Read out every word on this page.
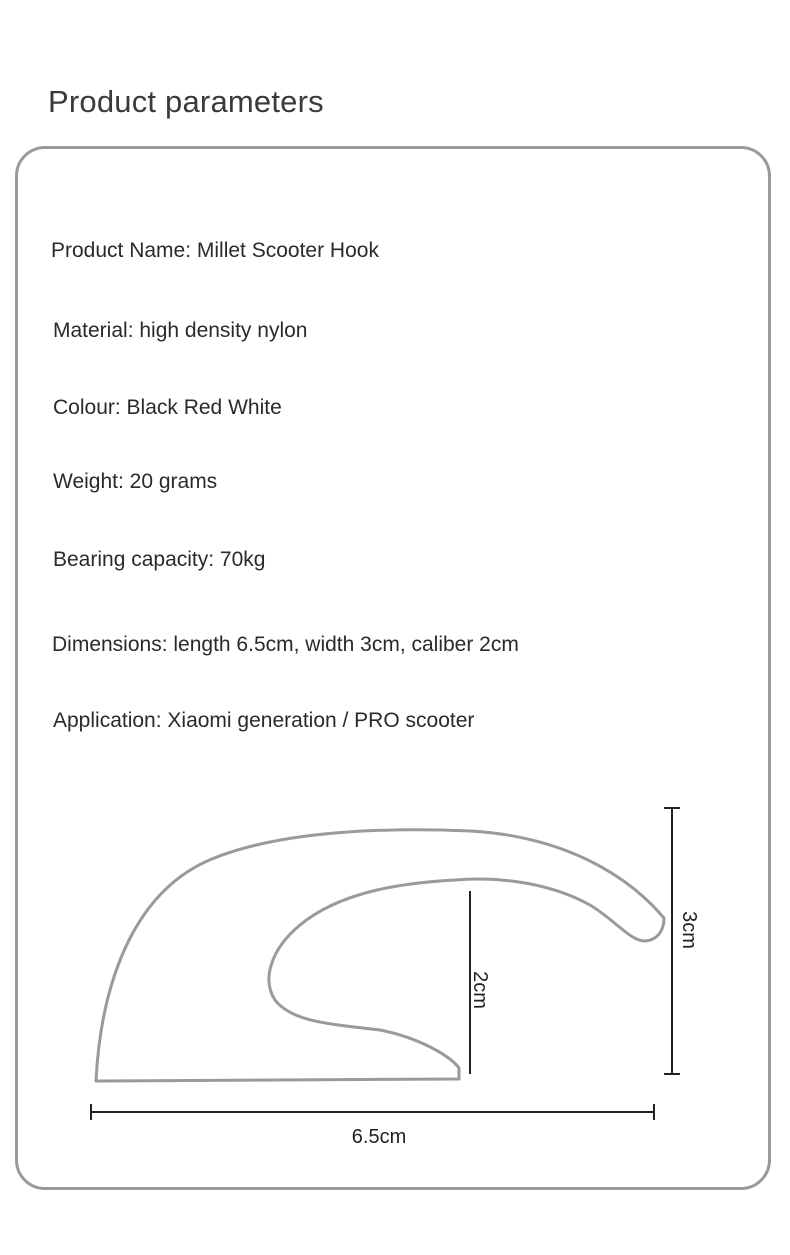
Product parameters
Product Name: Millet Scooter Hook
Material: high density nylon
Colour: Black Red White
Weight: 20 grams
Bearing capacity: 70kg
Dimensions: length 6.5cm, width 3cm, caliber 2cm
Application: Xiaomi generation / PRO scooter
6.5cm
3cm
2cm
